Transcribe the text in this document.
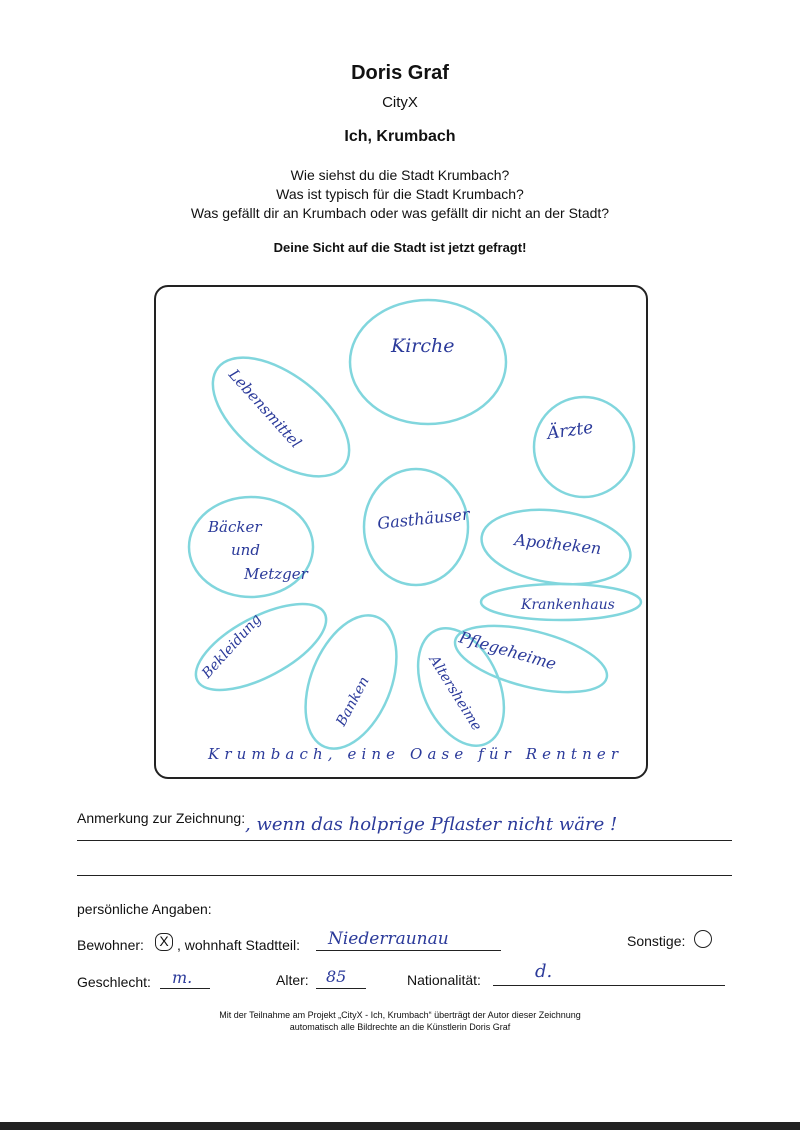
Doris Graf
CityX
Ich, Krumbach
Wie siehst du die Stadt Krumbach?
Was ist typisch für die Stadt Krumbach?
Was gefällt dir an Krumbach oder was gefällt dir nicht an der Stadt?
Deine Sicht auf die Stadt ist jetzt gefragt!
Kirche
Ärzte
Lebensmittel
Gasthäuser
Bäcker
und
Metzger
Apotheken
Krankenhaus
Pflegeheime
Bekleidung
Banken	Altersheime
Krumbach, eine Oase für Rentner
Anmerkung zur Zeichnung: , wenn das holprige Pflaster nicht wäre !
persönliche Angaben:
Bewohner:	X , wohnhaft Stadtteil: Niederraunau	Sonstige:
Geschlecht: m.	Alter: 85	Nationalität:	d.
Mit der Teilnahme am Projekt „CityX - Ich, Krumbach“ überträgt der Autor dieser Zeichnung
automatisch alle Bildrechte an die Künstlerin Doris Graf
